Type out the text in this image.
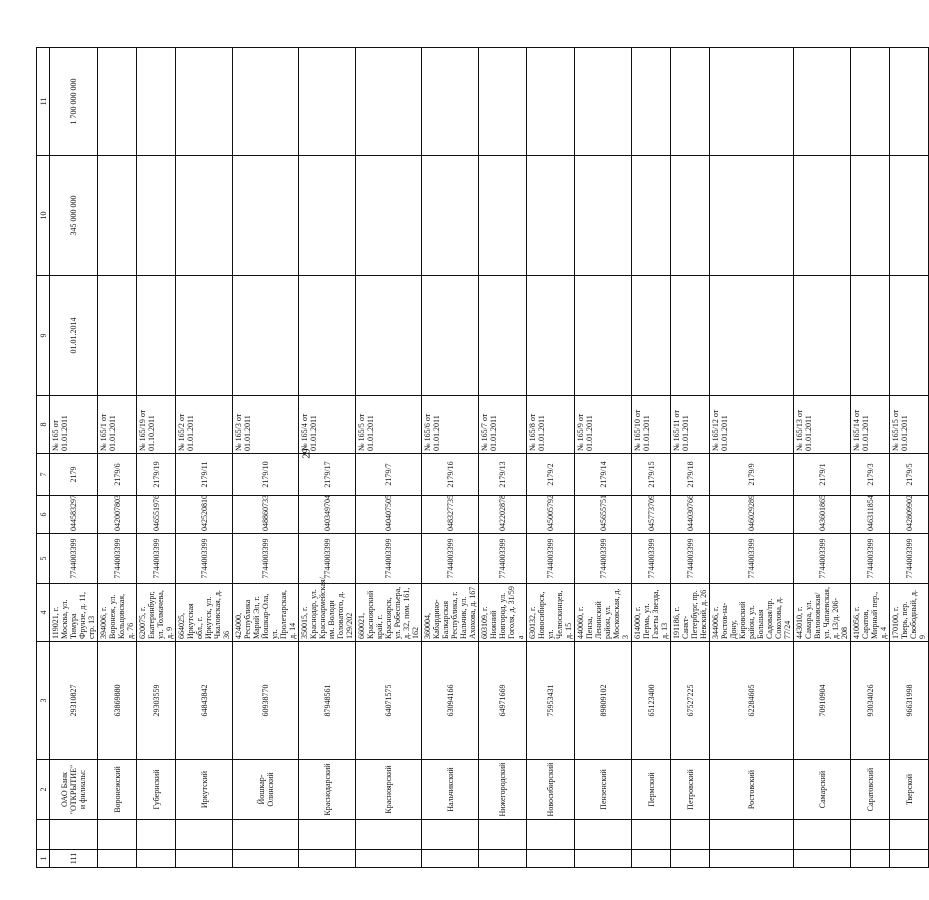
29
1		2	3	4	5	6	7	8	9	10	11
111		ОАО Банк "ОТКРЫТИЕ" и филиалы:	29310827	119021, г. Москва, ул. Тимура Фрунзе, д. 11, стр. 13	7744003399	044583297	2179	№ 165 от 01.01.2011	01.01.2014	345 000 000	1 700 000 000
		Воронежский	63869880	394006, г. Воронеж, ул. Кольцовская, д. 76	7744003399	042007803	2179/6	№ 165/1 от 01.01.2011			
		Губернский	29303559	620075, г. Екатеринбург, ул. Толмачева, д. 9	7744003399	046551976	2179/19	№ 165/19 от 01.10.2011			
		Иркутский	64843842	664025, Иркутская обл., г. Иркутск, ул. Чкаловская, д. 36	7744003399	042520810	2179/11	№ 165/2 от 01.01.2011			
		Йошкар-Олинский	60938770	424000, Республика Марий Эл, г. Йошкар-Ола, ул. Пролетарская, д. 14	7744003399	048860733	2179/10	№ 165/3 от 01.01.2011			
		Краснодарский	87948561	350015, г. Краснодар, ул. Красноармейская/им. Володи Головатого, д. 129/202	7744003399	040349704	2179/17	№ 165/4 от 01.01.2011			
		Красноярский	64071575	660021, Красноярский край, г. Красноярск, ул. Робеспьера, д. 32, пом. 161, 162	7744003399	040407505	2179/7	№ 165/5 от 01.01.2011			
		Нальчикский	63094166	360004, Кабардино-Балкарская Республика, г. Нальчик, ул. Ахохова, д. 167	7744003399	048327735	2179/16	№ 165/6 от 01.01.2011			
		Нижегородский	64971669	603109, г. Нижний Новгород, ул. Гоголя, д. 31/59 а	7744003399	042202878	2179/13	№ 165/7 от 01.01.2011			
		Новосибирский	75953431	630132, г. Новосибирск, ул. Челюскинцев, д. 15	7744003399	045005792	2179/2	№ 165/8 от 01.01.2011			
		Пензенский	89809102	440060, г. Пенза, Ленинский район, ул. Московская, д. 3	7744003399	045655751	2179/14	№ 165/9 от 01.01.2011			
		Пермский	65123400	614000, г. Пермь, ул. Газеты Звезда, д. 13	7744003399	045773709	2179/15	№ 165/10 от 01.01.2011			
		Петровский	67527225	191186, г. Санкт-Петербург, пр. Невский, д. 26	7744003399	044030766	2179/18	№ 165/11 от 01.01.2011			
		Ростовский	62284605	344006, г. Ростов-на-Дону, Кировский район, ул. Большая Садовая/пр. Соколова, д. 77/24	7744003399	046029289	2179/9	№ 165/12 от 01.01.2011			
		Самарский	70910904	443010, г. Самара, ул. Вилоновская/ул. Чапаевская, д. 13/д. 206-208	7744003399	043601865	2179/1	№ 165/13 от 01.01.2011			
		Саратовский	93034026	410056, г. Саратов, Мирный пер., д. 4	7744003399	046311854	2179/3	№ 165/14 от 01.01.2011			
		Тверской	96631998	170100, г. Тверь, пер. Свободный, д. 9	7744003399	042809902	2179/5	№ 165/15 от 01.01.2011			
